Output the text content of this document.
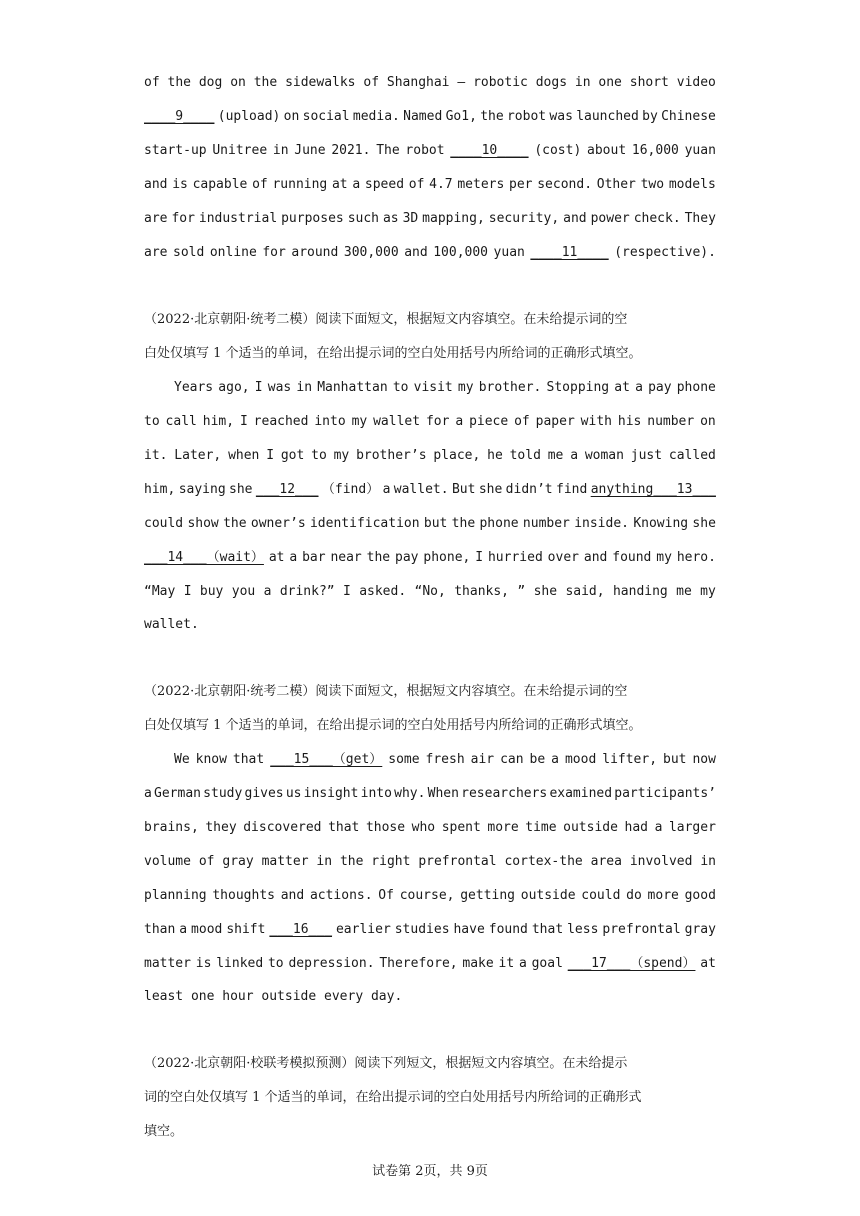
of the dog on the sidewalks of Shanghai — robotic dogs in one short video
____9____ (upload) on social media. Named Go1, the robot was launched by Chinese
start-up Unitree in June 2021. The robot ____10____ (cost) about 16,000 yuan
and is capable of running at a speed of 4.7 meters per second. Other two models
are for industrial purposes such as 3D mapping, security, and power check. They
are sold online for around 300,000 and 100,000 yuan ____11____ (respective).
（2022·北京朝阳·统考二模）阅读下面短文，根据短文内容填空。在未给提示词的空
白处仅填写 1 个适当的单词，在给出提示词的空白处用括号内所给词的正确形式填空。
Years ago, I was in Manhattan to visit my brother. Stopping at a pay phone
to call him, I reached into my wallet for a piece of paper with his number on
it. Later, when I got to my brother’s place, he told me a woman just called
him, saying she ___12___ （find） a wallet. But she didn’t find anything___13___
could show the owner’s identification but the phone number inside. Knowing she
___14___（wait） at a bar near the pay phone, I hurried over and found my hero.
“May I buy you a drink?” I asked. “No, thanks, ” she said, handing me my
wallet.
（2022·北京朝阳·统考二模）阅读下面短文，根据短文内容填空。在未给提示词的空
白处仅填写 1 个适当的单词，在给出提示词的空白处用括号内所给词的正确形式填空。
We know that ___15___（get） some fresh air can be a mood lifter, but now
a German study gives us insight into why. When researchers examined participants’
brains, they discovered that those who spent more time outside had a larger
volume of gray matter in the right prefrontal cortex-the area involved in
planning thoughts and actions. Of course, getting outside could do more good
than a mood shift ___16___ earlier studies have found that less prefrontal gray
matter is linked to depression. Therefore, make it a goal ___17___（spend） at
least one hour outside every day.
（2022·北京朝阳·校联考模拟预测）阅读下列短文，根据短文内容填空。在未给提示
词的空白处仅填写 1 个适当的单词，在给出提示词的空白处用括号内所给词的正确形式
填空。
试卷第 2页，共 9页
